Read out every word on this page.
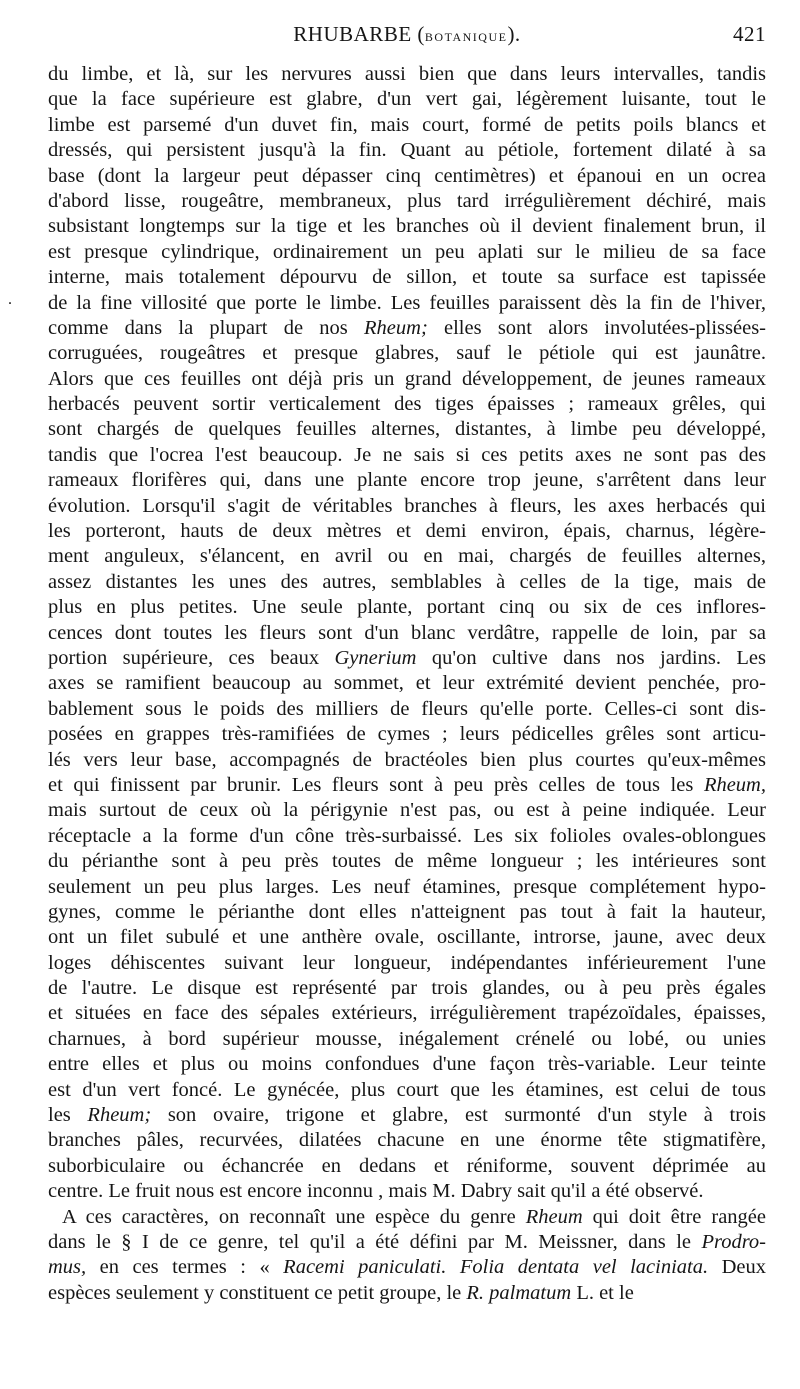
RHUBARBE (BOTANIQUE).	421
.
du limbe, et là, sur les nervures aussi bien que dans leurs intervalles, tandis
que la face supérieure est glabre, d'un vert gai, légèrement luisante, tout le
limbe est parsemé d'un duvet fin, mais court, formé de petits poils blancs et
dressés, qui persistent jusqu'à la fin. Quant au pétiole, fortement dilaté à sa
base (dont la largeur peut dépasser cinq centimètres) et épanoui en un ocrea
d'abord lisse, rougeâtre, membraneux, plus tard irrégulièrement déchiré, mais
subsistant longtemps sur la tige et les branches où il devient finalement brun, il
est presque cylindrique, ordinairement un peu aplati sur le milieu de sa face
interne, mais totalement dépourvu de sillon, et toute sa surface est tapissée
de la fine villosité que porte le limbe. Les feuilles paraissent dès la fin de l'hiver,
comme dans la plupart de nos Rheum; elles sont alors involutées-plissées-
corruguées, rougeâtres et presque glabres, sauf le pétiole qui est jaunâtre.
Alors que ces feuilles ont déjà pris un grand développement, de jeunes rameaux
herbacés peuvent sortir verticalement des tiges épaisses ; rameaux grêles, qui
sont chargés de quelques feuilles alternes, distantes, à limbe peu développé,
tandis que l'ocrea l'est beaucoup. Je ne sais si ces petits axes ne sont pas des
rameaux florifères qui, dans une plante encore trop jeune, s'arrêtent dans leur
évolution. Lorsqu'il s'agit de véritables branches à fleurs, les axes herbacés qui
les porteront, hauts de deux mètres et demi environ, épais, charnus, légère-
ment anguleux, s'élancent, en avril ou en mai, chargés de feuilles alternes,
assez distantes les unes des autres, semblables à celles de la tige, mais de
plus en plus petites. Une seule plante, portant cinq ou six de ces inflores-
cences dont toutes les fleurs sont d'un blanc verdâtre, rappelle de loin, par sa
portion supérieure, ces beaux Gynerium qu'on cultive dans nos jardins. Les
axes se ramifient beaucoup au sommet, et leur extrémité devient penchée, pro-
bablement sous le poids des milliers de fleurs qu'elle porte. Celles-ci sont dis-
posées en grappes très-ramifiées de cymes ; leurs pédicelles grêles sont articu-
lés vers leur base, accompagnés de bractéoles bien plus courtes qu'eux-mêmes
et qui finissent par brunir. Les fleurs sont à peu près celles de tous les Rheum,
mais surtout de ceux où la périgynie n'est pas, ou est à peine indiquée. Leur
réceptacle a la forme d'un cône très-surbaissé. Les six folioles ovales-oblongues
du périanthe sont à peu près toutes de même longueur ; les intérieures sont
seulement un peu plus larges. Les neuf étamines, presque complétement hypo-
gynes, comme le périanthe dont elles n'atteignent pas tout à fait la hauteur,
ont un filet subulé et une anthère ovale, oscillante, introrse, jaune, avec deux
loges déhiscentes suivant leur longueur, indépendantes inférieurement l'une
de l'autre. Le disque est représenté par trois glandes, ou à peu près égales
et situées en face des sépales extérieurs, irrégulièrement trapézoïdales, épaisses,
charnues, à bord supérieur mousse, inégalement crénelé ou lobé, ou unies
entre elles et plus ou moins confondues d'une façon très-variable. Leur teinte
est d'un vert foncé. Le gynécée, plus court que les étamines, est celui de tous
les Rheum; son ovaire, trigone et glabre, est surmonté d'un style à trois
branches pâles, recurvées, dilatées chacune en une énorme tête stigmatifère,
suborbiculaire ou échancrée en dedans et réniforme, souvent déprimée au
centre. Le fruit nous est encore inconnu , mais M. Dabry sait qu'il a été observé.
A ces caractères, on reconnaît une espèce du genre Rheum qui doit être rangée
dans le § I de ce genre, tel qu'il a été défini par M. Meissner, dans le Prodro-
mus, en ces termes : « Racemi paniculati. Folia dentata vel laciniata. Deux
espèces seulement y constituent ce petit groupe, le R. palmatum L. et le
